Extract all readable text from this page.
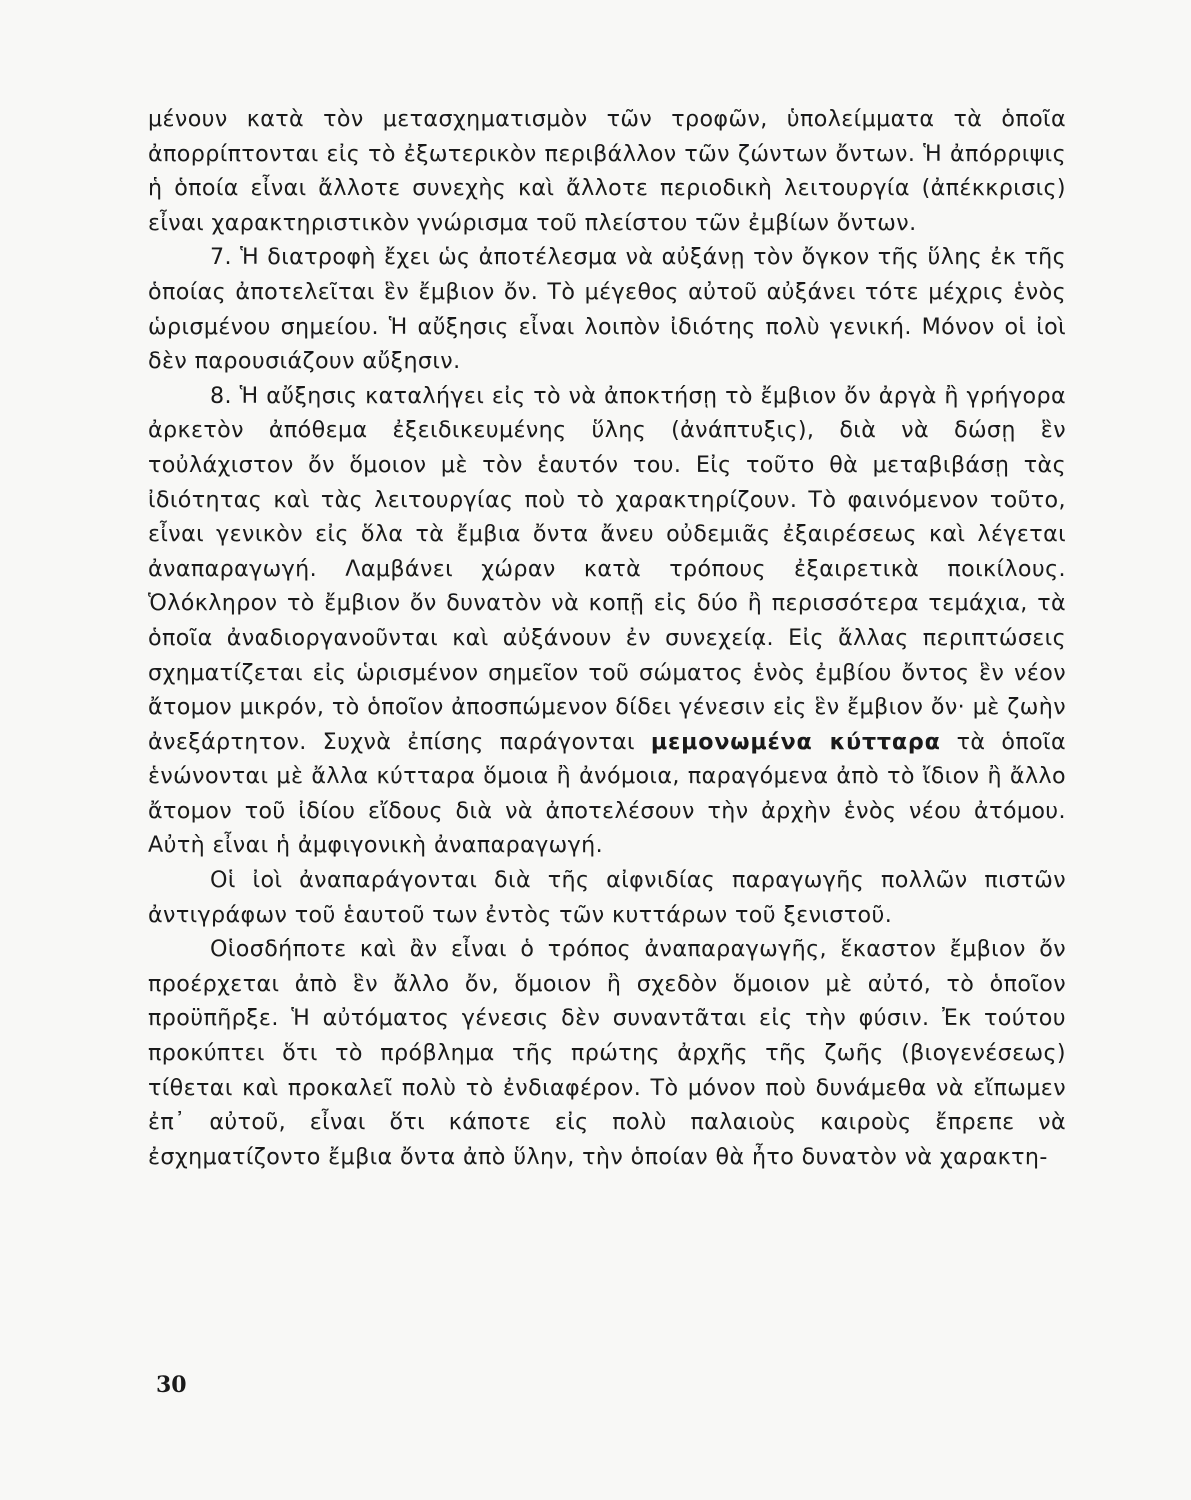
μένουν κατὰ τὸν μετασχηματισμὸν τῶν τροφῶν, ὑπολείμματα τὰ ὁποῖα ἀπορρίπτονται εἰς τὸ ἐξωτερικὸν περιβάλλον τῶν ζώντων ὄντων. Ἡ ἀπόρριψις ἡ ὁποία εἶναι ἄλλοτε συνεχὴς καὶ ἄλλοτε περιοδικὴ λειτουργία (ἀπέκκρισις) εἶναι χαρακτηριστικὸν γνώρισμα τοῦ πλείστου τῶν ἐμβίων ὄντων.

7. Ἡ διατροφὴ ἔχει ὡς ἀποτέλεσμα νὰ αὐξάνῃ τὸν ὄγκον τῆς ὕλης ἐκ τῆς ὁποίας ἀποτελεῖται ἓν ἔμβιον ὄν. Τὸ μέγεθος αὐτοῦ αὐξάνει τότε μέχρις ἑνὸς ὡρισμένου σημείου. Ἡ αὔξησις εἶναι λοιπὸν ἰδιότης πολὺ γενική. Μόνον οἱ ἰοὶ δὲν παρουσιάζουν αὔξησιν.

8. Ἡ αὔξησις καταλήγει εἰς τὸ νὰ ἀποκτήσῃ τὸ ἔμβιον ὄν ἀργὰ ἢ γρήγορα ἀρκετὸν ἀπόθεμα ἐξειδικευμένης ὕλης (ἀνάπτυξις), διὰ νὰ δώσῃ ἓν τοὐλάχιστον ὄν ὅμοιον μὲ τὸν ἑαυτόν του. Εἰς τοῦτο θὰ μεταβιβάσῃ τὰς ἰδιότητας καὶ τὰς λειτουργίας ποὺ τὸ χαρακτηρίζουν. Τὸ φαινόμενον τοῦτο, εἶναι γενικὸν εἰς ὅλα τὰ ἔμβια ὄντα ἄνευ οὐδεμιᾶς ἐξαιρέσεως καὶ λέγεται ἀναπαραγωγή. Λαμβάνει χώραν κατὰ τρόπους ἐξαιρετικὰ ποικίλους. Ὁλόκληρον τὸ ἔμβιον ὄν δυνατὸν νὰ κοπῇ εἰς δύο ἢ περισσότερα τεμάχια, τὰ ὁποῖα ἀναδιοργανοῦνται καὶ αὐξάνουν ἐν συνεχείᾳ. Εἰς ἄλλας περιπτώσεις σχηματίζεται εἰς ὡρισμένον σημεῖον τοῦ σώματος ἑνὸς ἐμβίου ὄντος ἓν νέον ἄτομον μικρόν, τὸ ὁποῖον ἀποσπώμενον δίδει γένεσιν εἰς ἓν ἔμβιον ὄν· μὲ ζωὴν ἀνεξάρτητον. Συχνὰ ἐπίσης παράγονται μεμονωμένα κύτταρα τὰ ὁποῖα ἑνώνονται μὲ ἄλλα κύτταρα ὅμοια ἢ ἀνόμοια, παραγόμενα ἀπὸ τὸ ἴδιον ἢ ἄλλο ἄτομον τοῦ ἰδίου εἴδους διὰ νὰ ἀποτελέσουν τὴν ἀρχὴν ἑνὸς νέου ἀτόμου. Αὐτὴ εἶναι ἡ ἀμφιγονικὴ ἀναπαραγωγή.

Οἱ ἰοὶ ἀναπαράγονται διὰ τῆς αἰφνιδίας παραγωγῆς πολλῶν πιστῶν ἀντιγράφων τοῦ ἑαυτοῦ των ἐντὸς τῶν κυττάρων τοῦ ξενιστοῦ.

Οἱοσδήποτε καὶ ἂν εἶναι ὁ τρόπος ἀναπαραγωγῆς, ἕκαστον ἔμβιον ὄν προέρχεται ἀπὸ ἓν ἄλλο ὄν, ὅμοιον ἢ σχεδὸν ὅμοιον μὲ αὐτό, τὸ ὁποῖον προϋπῆρξε. Ἡ αὐτόματος γένεσις δὲν συναντᾶται εἰς τὴν φύσιν. Ἐκ τούτου προκύπτει ὅτι τὸ πρόβλημα τῆς πρώτης ἀρχῆς τῆς ζωῆς (βιογενέσεως) τίθεται καὶ προκαλεῖ πολὺ τὸ ἐνδιαφέρον. Τὸ μόνον ποὺ δυνάμεθα νὰ εἴπωμεν ἐπ᾽ αὐτοῦ, εἶναι ὅτι κάποτε εἰς πολὺ παλαιοὺς καιροὺς ἔπρεπε νὰ ἐσχηματίζοντο ἔμβια ὄντα ἀπὸ ὕλην, τὴν ὁποίαν θὰ ἦτο δυνατὸν νὰ χαρακτη-

30
